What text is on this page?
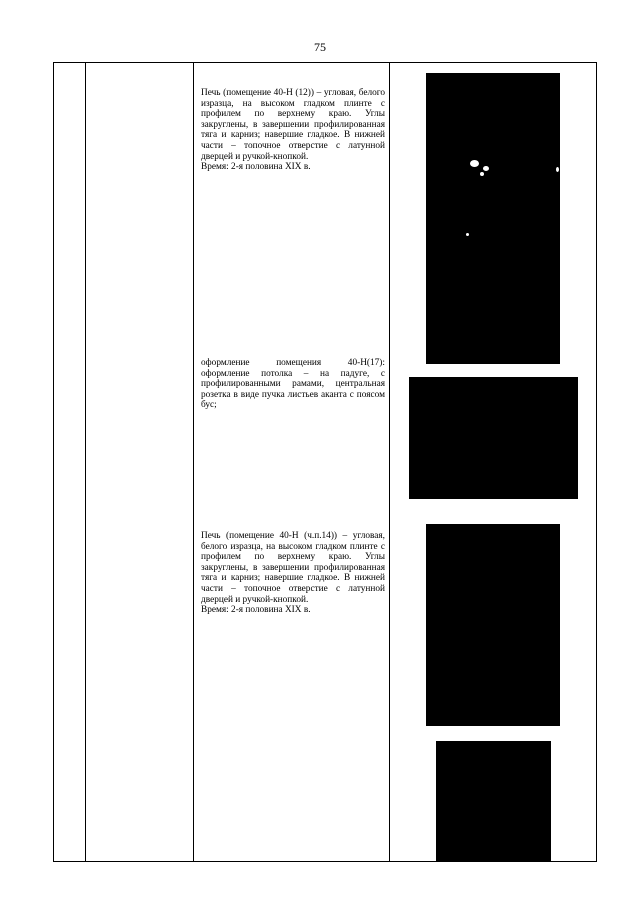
75
Печь (помещение 40-Н (12)) – угловая, белого изразца, на высоком гладком плинте с профилем по верхнему краю. Углы закруглены, в завершении профилированная тяга и карниз; навершие гладкое. В нижней части – топочное отверстие с латунной дверцей и ручкой-кнопкой.
Время: 2-я половина XIX в.
оформление помещения 40-Н(17): оформление потолка – на падуге, с профилированными рамами, центральная розетка в виде пучка листьев аканта с поясом бус;
Печь (помещение 40-Н (ч.п.14)) – угловая, белого изразца, на высоком гладком плинте с профилем по верхнему краю. Углы закруглены, в завершении профилированная тяга и карниз; навершие гладкое. В нижней части – топочное отверстие с латунной дверцей и ручкой-кнопкой.
Время: 2-я половина XIX в.
